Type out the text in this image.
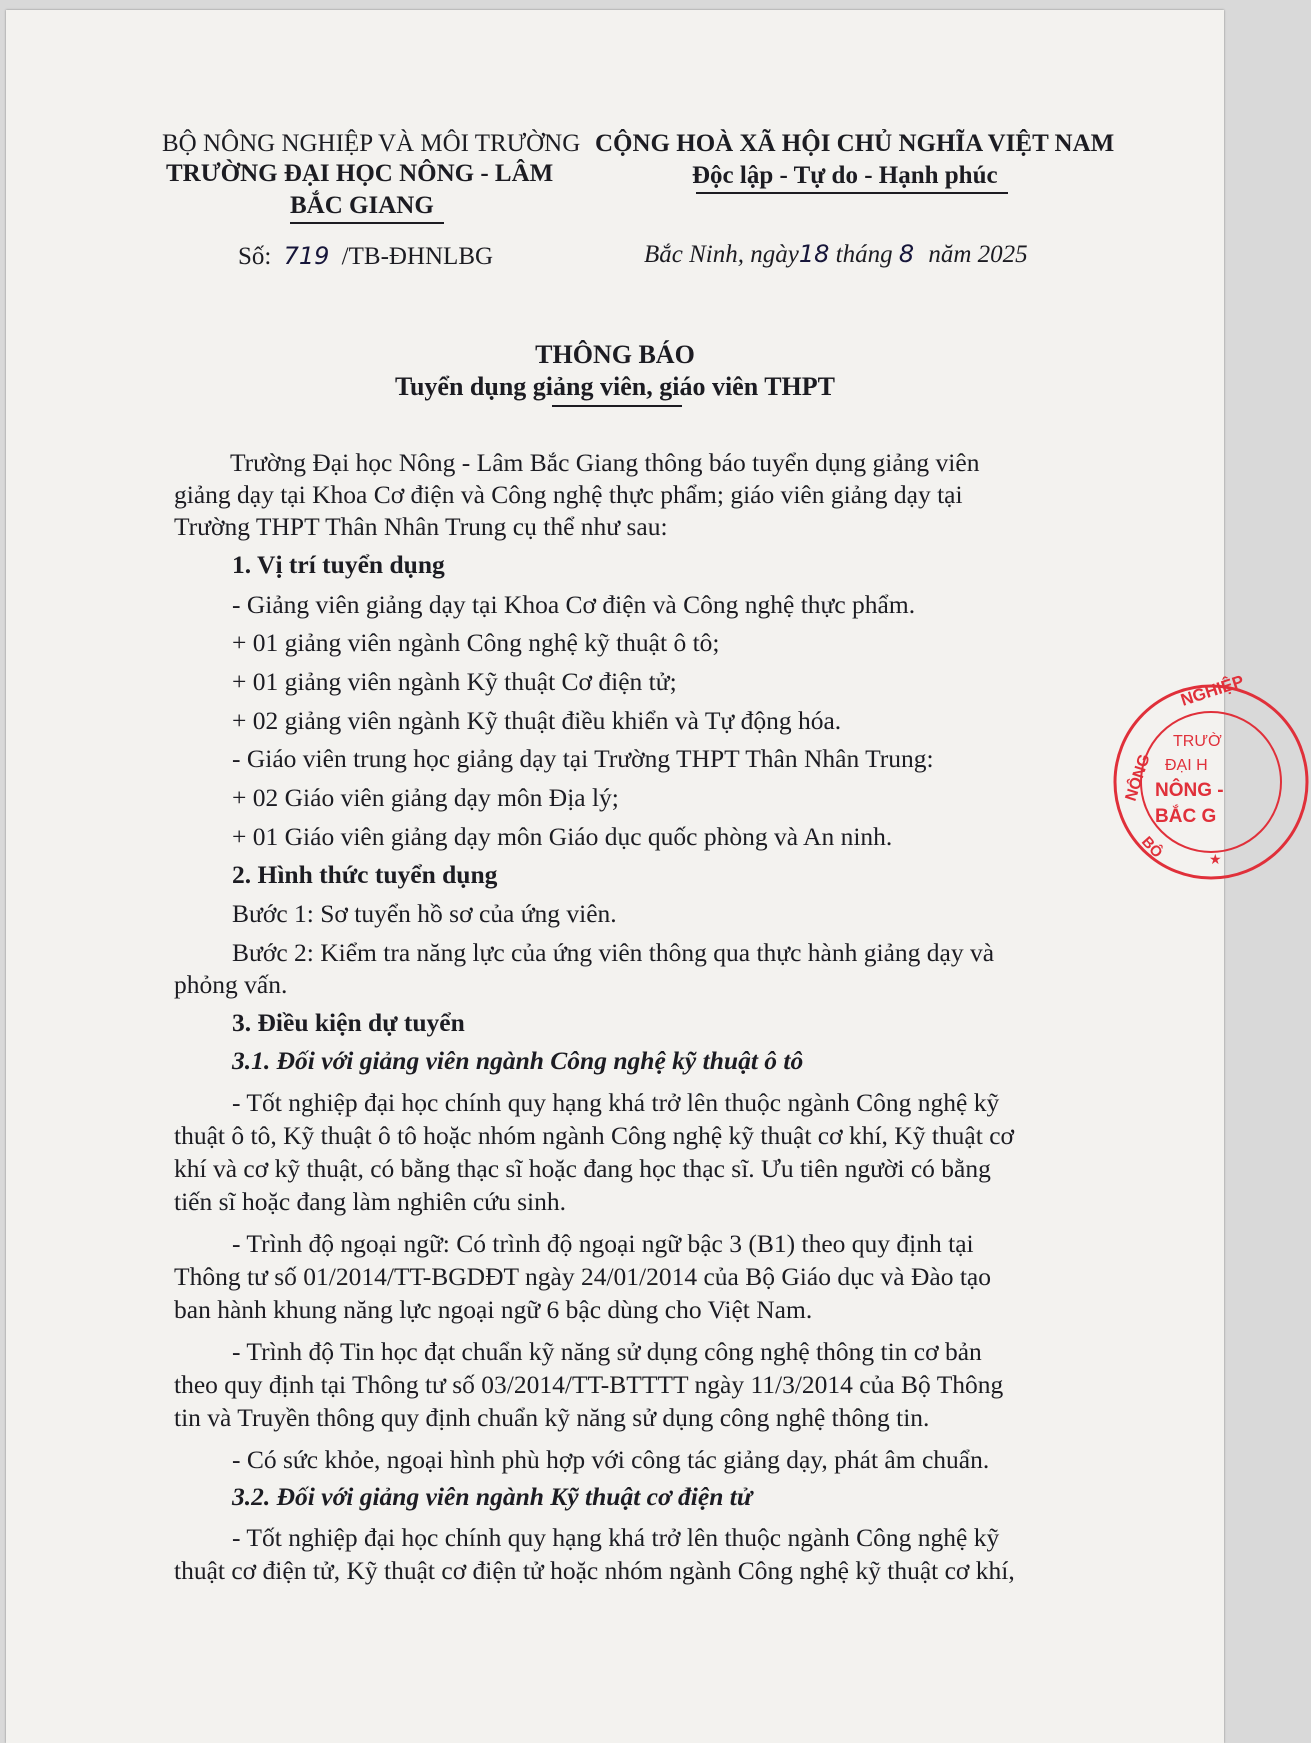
BỘ NÔNG NGHIỆP VÀ MÔI TRƯỜNG
TRƯỜNG ĐẠI HỌC NÔNG - LÂM
BẮC GIANG
CỘNG HOÀ XÃ HỘI CHỦ NGHĨA VIỆT NAM
Độc lập - Tự do - Hạnh phúc
Số: 719 /TB-ĐHNLBG	Bắc Ninh, ngày18 tháng 8 năm 2025
THÔNG BÁO
Tuyển dụng giảng viên, giáo viên THPT
Trường Đại học Nông - Lâm Bắc Giang thông báo tuyển dụng giảng viên
giảng dạy tại Khoa Cơ điện và Công nghệ thực phẩm; giáo viên giảng dạy tại
Trường THPT Thân Nhân Trung cụ thể như sau:
1. Vị trí tuyển dụng
- Giảng viên giảng dạy tại Khoa Cơ điện và Công nghệ thực phẩm.
+ 01 giảng viên ngành Công nghệ kỹ thuật ô tô;
+ 01 giảng viên ngành Kỹ thuật Cơ điện tử;
+ 02 giảng viên ngành Kỹ thuật điều khiển và Tự động hóa.
- Giáo viên trung học giảng dạy tại Trường THPT Thân Nhân Trung:
+ 02 Giáo viên giảng dạy môn Địa lý;
+ 01 Giáo viên giảng dạy môn Giáo dục quốc phòng và An ninh.
2. Hình thức tuyển dụng
Bước 1: Sơ tuyển hồ sơ của ứng viên.
Bước 2: Kiểm tra năng lực của ứng viên thông qua thực hành giảng dạy và
phỏng vấn.
3. Điều kiện dự tuyển
3.1. Đối với giảng viên ngành Công nghệ kỹ thuật ô tô
- Tốt nghiệp đại học chính quy hạng khá trở lên thuộc ngành Công nghệ kỹ
thuật ô tô, Kỹ thuật ô tô hoặc nhóm ngành Công nghệ kỹ thuật cơ khí, Kỹ thuật cơ
khí và cơ kỹ thuật, có bằng thạc sĩ hoặc đang học thạc sĩ. Ưu tiên người có bằng
tiến sĩ hoặc đang làm nghiên cứu sinh.
- Trình độ ngoại ngữ: Có trình độ ngoại ngữ bậc 3 (B1) theo quy định tại
Thông tư số 01/2014/TT-BGDĐT ngày 24/01/2014 của Bộ Giáo dục và Đào tạo
ban hành khung năng lực ngoại ngữ 6 bậc dùng cho Việt Nam.
- Trình độ Tin học đạt chuẩn kỹ năng sử dụng công nghệ thông tin cơ bản
theo quy định tại Thông tư số 03/2014/TT-BTTTT ngày 11/3/2014 của Bộ Thông
tin và Truyền thông quy định chuẩn kỹ năng sử dụng công nghệ thông tin.
- Có sức khỏe, ngoại hình phù hợp với công tác giảng dạy, phát âm chuẩn.
3.2. Đối với giảng viên ngành Kỹ thuật cơ điện tử
- Tốt nghiệp đại học chính quy hạng khá trở lên thuộc ngành Công nghệ kỹ
thuật cơ điện tử, Kỹ thuật cơ điện tử hoặc nhóm ngành Công nghệ kỹ thuật cơ khí,
NGHIỆP
NÔNG
BỘ
TRƯỜ
ĐẠI H
NÔNG -
BẮC G
★
